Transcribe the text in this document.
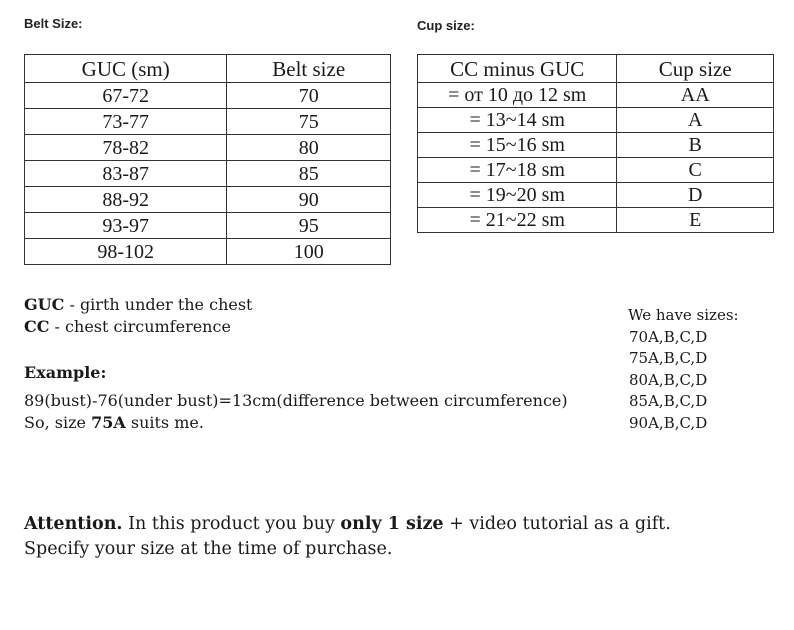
Belt Size:	Cup size:
GUC (sm)	Belt size
67-72	70
73-77	75
78-82	80
83-87	85
88-92	90
93-97	95
98-102	100
CC minus GUC	Cup size
= от 10 до 12 sm	AA
= 13~14 sm	A
= 15~16 sm	B
= 17~18 sm	C
= 19~20 sm	D
= 21~22 sm	E
GUC - girth under the chest
CC - chest circumference
Example:
89(bust)-76(under bust)=13cm(difference between circumference)
So, size 75A suits me.
We have sizes:
70A,B,C,D
75A,B,C,D
80A,B,C,D
85A,B,C,D
90A,B,C,D
Attention. In this product you buy only 1 size + video tutorial as a gift.
Specify your size at the time of purchase.
